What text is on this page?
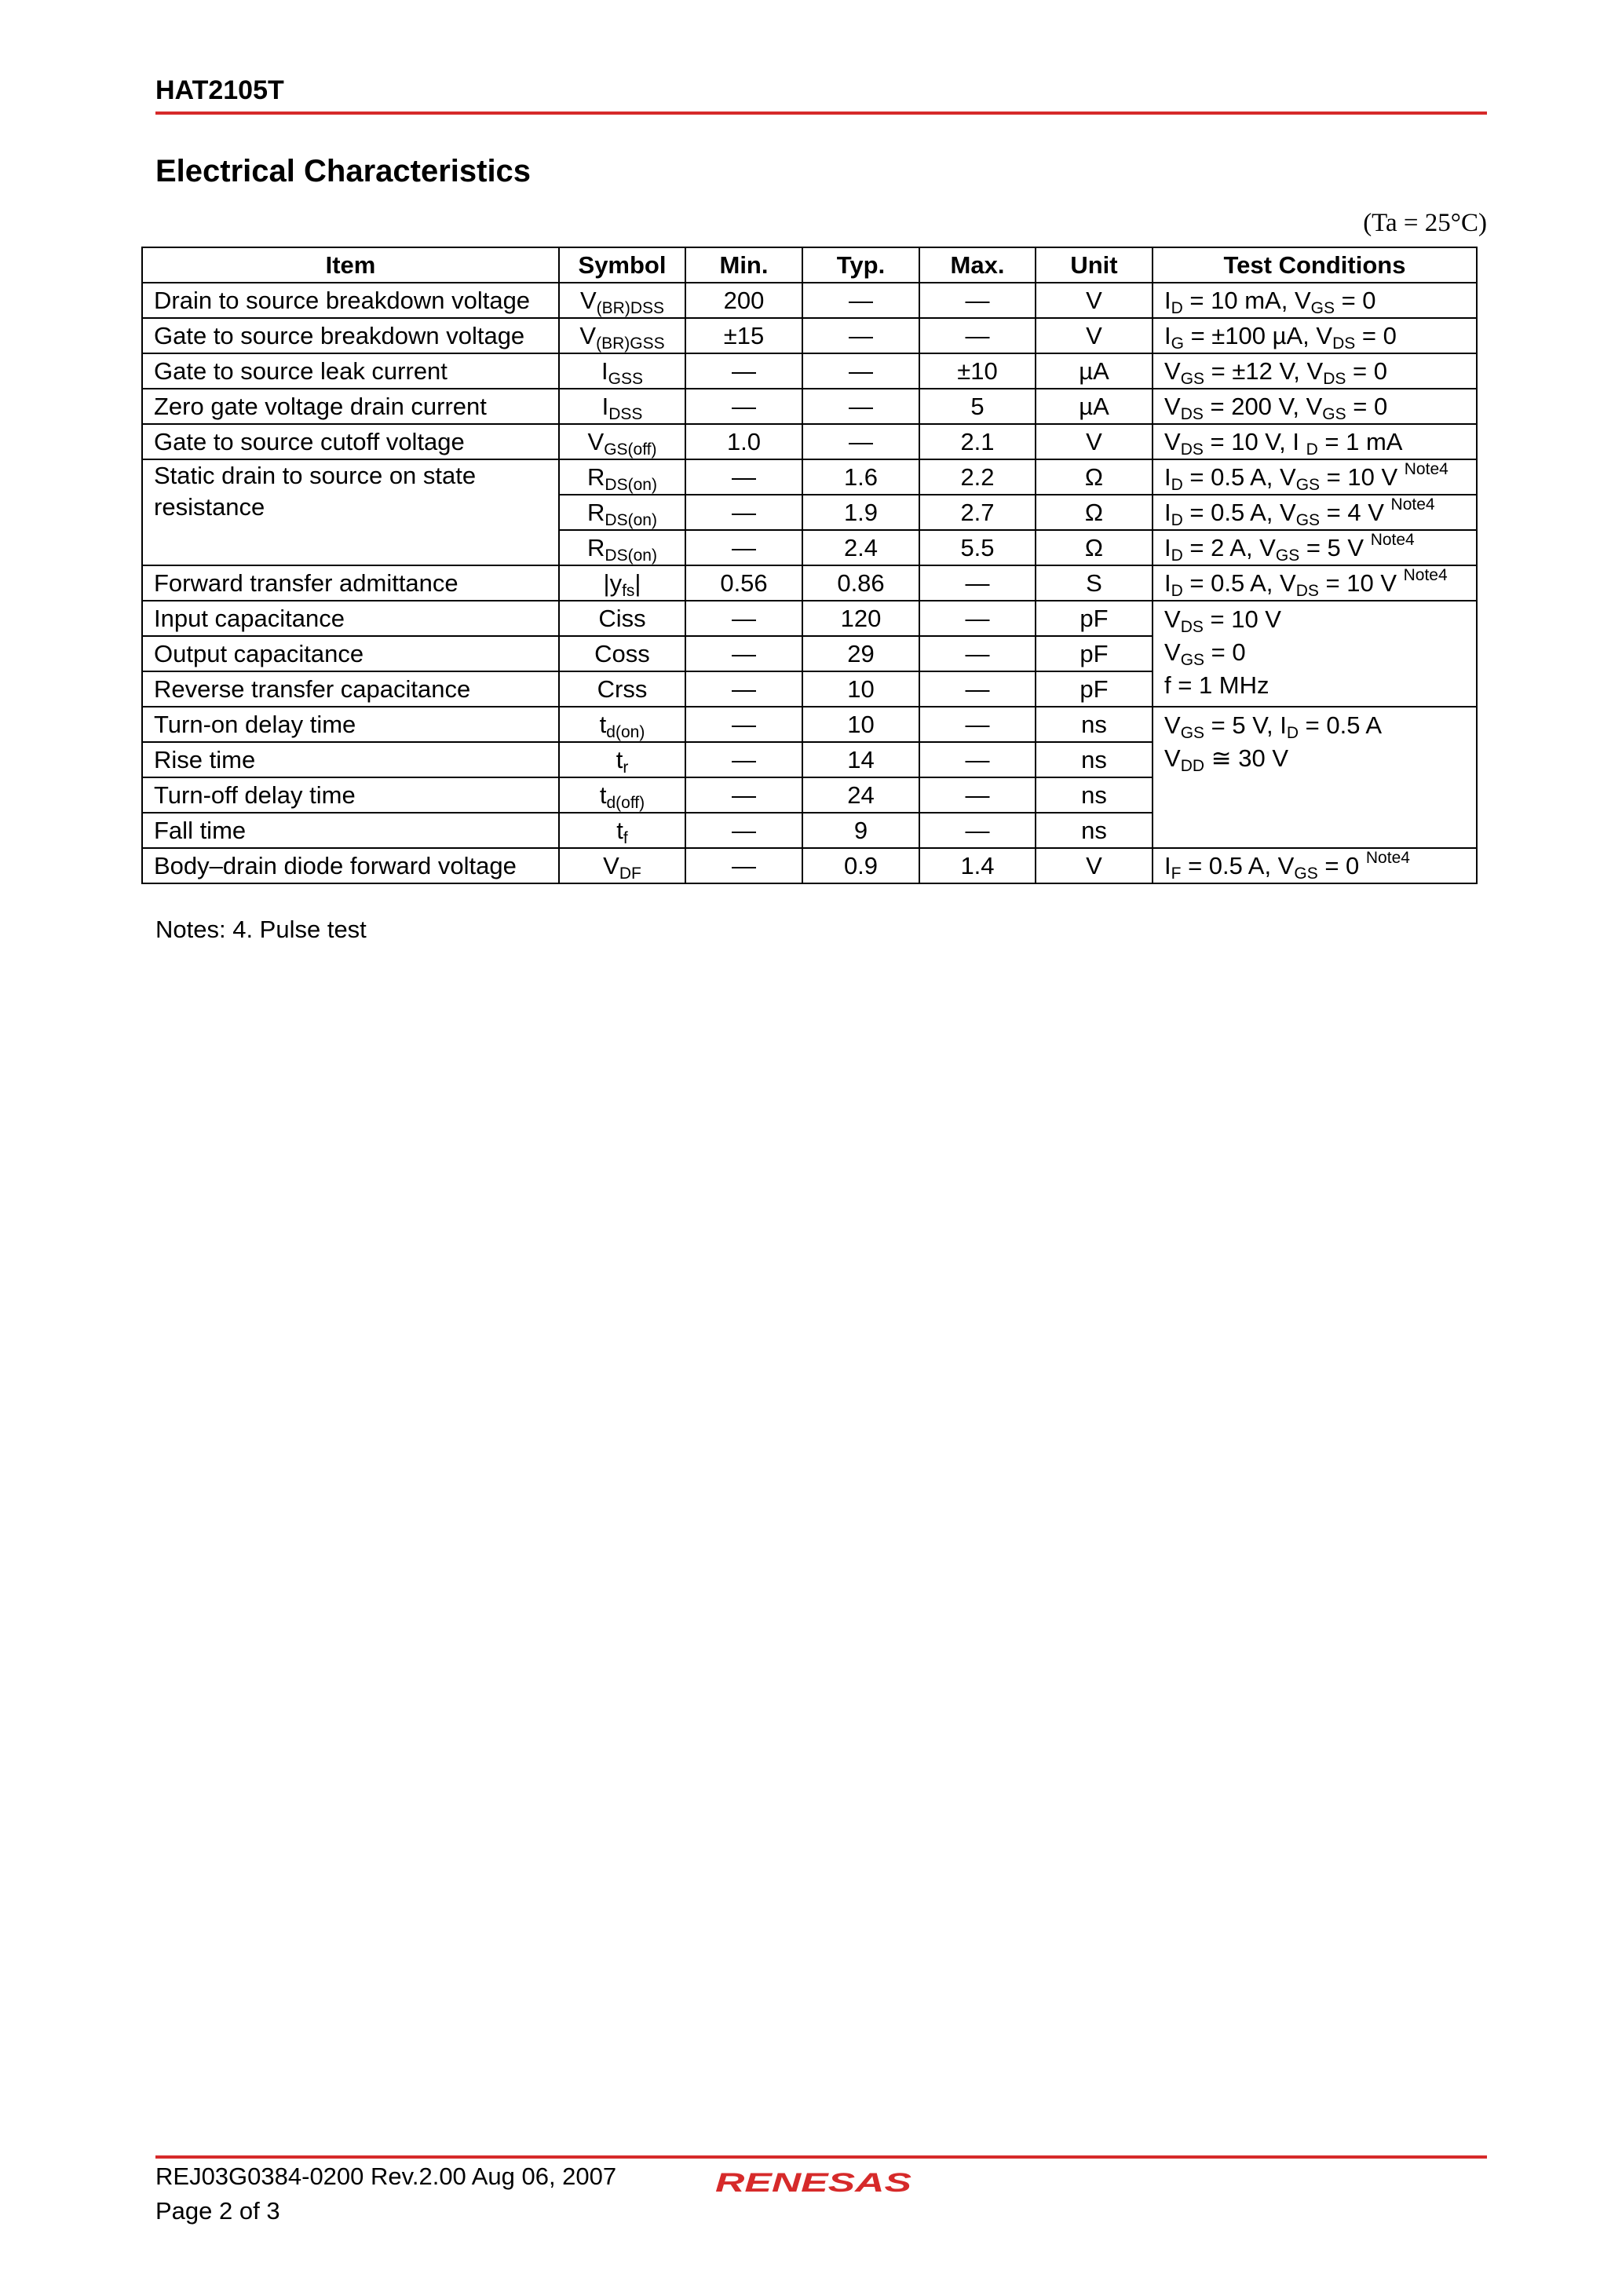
HAT2105T
Electrical Characteristics
(Ta = 25°C)
Item	Symbol	Min.	Typ.	Max.	Unit	Test Conditions
Drain to source breakdown voltage	$V_{(BR)DSS}$	200	—	—	V	$I_D = 10$ mA, $V_{GS} = 0$
Gate to source breakdown voltage	$V_{(BR)GSS}$	±15	—	—	V	$I_G = \pm 100$ µA, $V_{DS} = 0$
Gate to source leak current	$I_{GSS}$	—	—	±10	µA	$V_{GS} = \pm 12$ V, $V_{DS} = 0$
Zero gate voltage drain current	$I_{DSS}$	—	—	5	µA	$V_{DS} = 200$ V, $V_{GS} = 0$
Gate to source cutoff voltage	$V_{GS(off)}$	1.0	—	2.1	V	$V_{DS} = 10$ V, I $_D$ = 1 mA
Static drain to source on state resistance	$R_{DS(on)}$	—	1.6	2.2	Ω	$I_D = 0.5$ A, $V_{GS} = 10$ V $^{Note4}$
	$R_{DS(on)}$	—	1.9	2.7	Ω	$I_D = 0.5$ A, $V_{GS} = 4$ V $^{Note4}$
	$R_{DS(on)}$	—	2.4	5.5	Ω	$I_D = 2$ A, $V_{GS} = 5$ V $^{Note4}$
Forward transfer admittance	$|y_{fs}|$	0.56	0.86	—	S	$I_D = 0.5$ A, $V_{DS} = 10$ V $^{Note4}$
Input capacitance	Ciss	—	120	—	pF	$V_{DS} = 10$ V
$V_{GS} = 0$
f = 1 MHz

Output capacitance	Coss	—	29	—	pF	
Reverse transfer capacitance	Crss	—	10	—	pF	
Turn-on delay time	$t_{d(on)}$	—	10	—	ns	$V_{GS} = 5$ V, $I_D = 0.5$ A
$V_{DD}$ ≅ 30 V

Rise time	$t_r$	—	14	—	ns	
Turn-off delay time	$t_{d(off)}$	—	24	—	ns	
Fall time	$t_f$	—	9	—	ns	
Body–drain diode forward voltage	$V_{DF}$	—	0.9	1.4	V	$I_F = 0.5$ A, $V_{GS} = 0$ $^{Note4}$
Notes: 4. Pulse test
REJ03G0384-0200 Rev.2.00 Aug 06, 2007
Page 2 of 3
RENESAS
